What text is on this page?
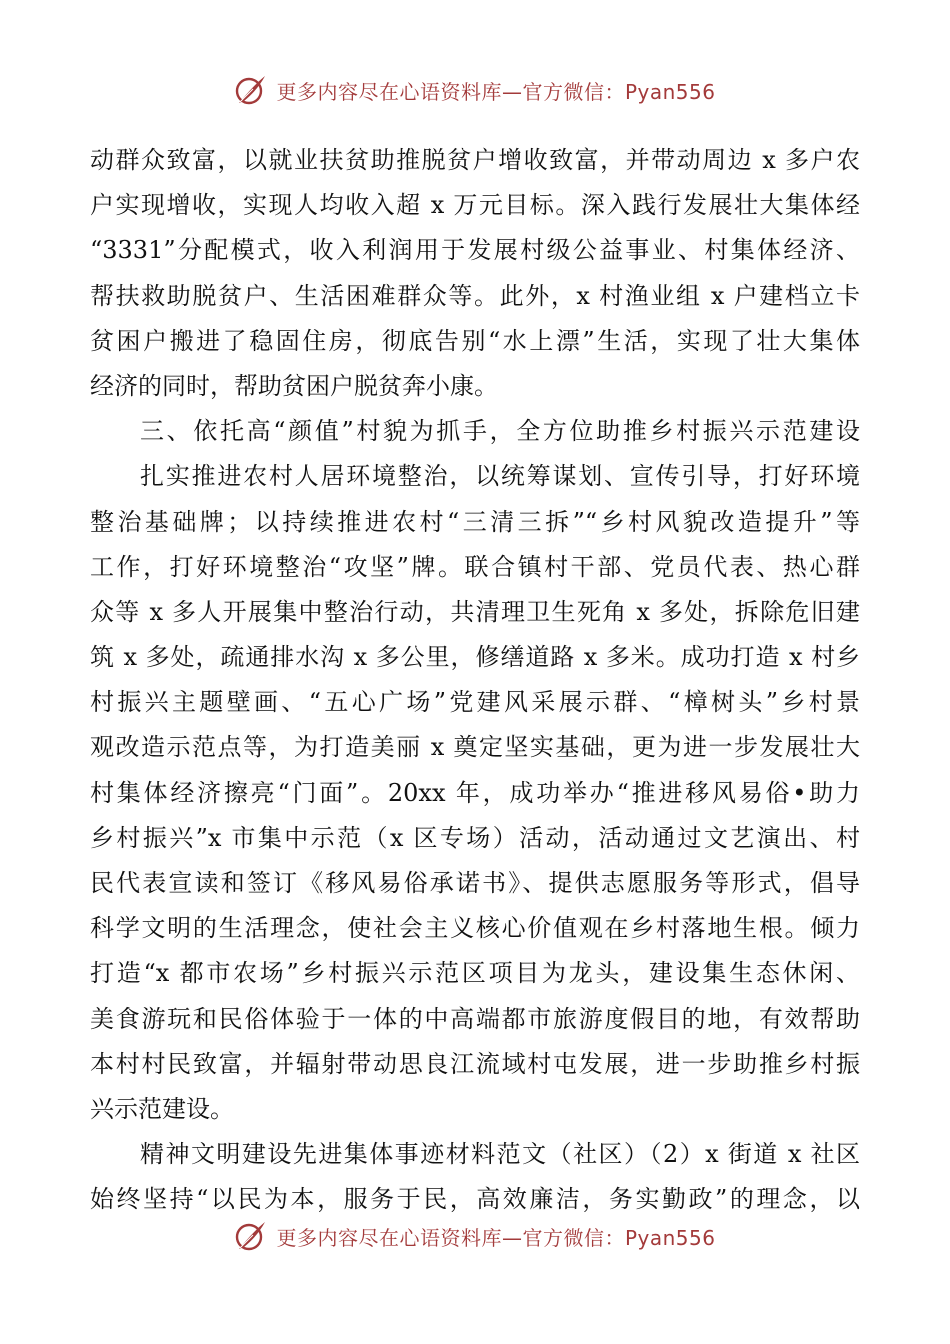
更多内容尽在心语资料库—官方微信：Pyan556
动群众致富，以就业扶贫助推脱贫户增收致富，并带动周边 x 多户农
户实现增收，实现人均收入超 x 万元目标。深入践行发展壮大集体经
“3331”分配模式，收入利润用于发展村级公益事业、村集体经济、
帮扶救助脱贫户、生活困难群众等。此外，x 村渔业组 x 户建档立卡
贫困户搬进了稳固住房，彻底告别“水上漂”生活，实现了壮大集体
经济的同时，帮助贫困户脱贫奔小康。
三、依托高“颜值”村貌为抓手，全方位助推乡村振兴示范建设
扎实推进农村人居环境整治，以统筹谋划、宣传引导，打好环境
整治基础牌；以持续推进农村“三清三拆”“乡村风貌改造提升”等
工作，打好环境整治“攻坚”牌。联合镇村干部、党员代表、热心群
众等 x 多人开展集中整治行动，共清理卫生死角 x 多处，拆除危旧建
筑 x 多处，疏通排水沟 x 多公里，修缮道路 x 多米。成功打造 x 村乡
村振兴主题壁画、“五心广场”党建风采展示群、“樟树头”乡村景
观改造示范点等，为打造美丽 x 奠定坚实基础，更为进一步发展壮大
村集体经济擦亮“门面”。20xx 年，成功举办“推进移风易俗•助力
乡村振兴”x 市集中示范（x 区专场）活动，活动通过文艺演出、村
民代表宣读和签订《移风易俗承诺书》、提供志愿服务等形式，倡导
科学文明的生活理念，使社会主义核心价值观在乡村落地生根。倾力
打造“x 都市农场”乡村振兴示范区项目为龙头，建设集生态休闲、
美食游玩和民俗体验于一体的中高端都市旅游度假目的地，有效帮助
本村村民致富，并辐射带动思良江流域村屯发展，进一步助推乡村振
兴示范建设。
精神文明建设先进集体事迹材料范文（社区）（2）x 街道 x 社区
始终坚持“以民为本，服务于民，高效廉洁，务实勤政”的理念，以
更多内容尽在心语资料库—官方微信：Pyan556
